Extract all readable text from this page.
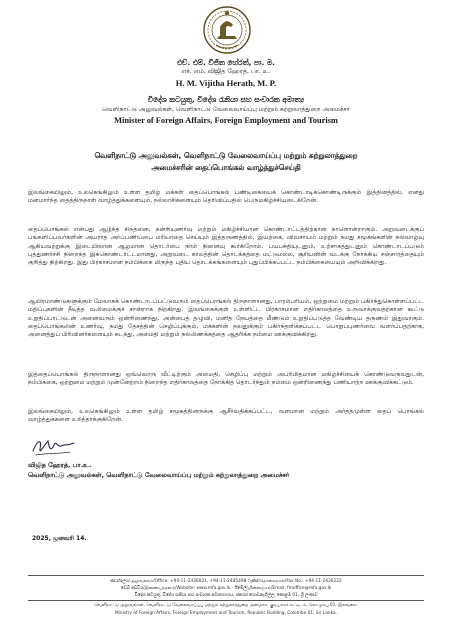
එච්. එම්. විජිත හේරත්, පා. ම.
எச். எம். விஜித ஹேரத், பா. உ.
H. M. Vijitha Herath, M. P.
විදේශ කටයුතු, විදේශ රැකියා සහ සංචාරක අමාත්‍ය
வெளிநாட்டு அலுவல்கள், வெளிநாட்டு வேலைவாய்ப்பு மற்றும் சுற்றுலாத்துறை அமைச்சர்
Minister of Foreign Affairs, Foreign Employment and Tourism
வெளிநாட்டு அலுவல்கள், வெளிநாட்டு வேலைவாய்ப்பு மற்றும் சுற்றுலாத்துறை
அமைச்சரின் தைப்பொங்கல் வாழ்த்துச்செய்தி
இலங்கையிலும், உலகெங்கிலும் உள்ள தமிழ் மக்கள் தைப்பொங்கல் பண்டிகையைக் கொண்டாடிக்கொண்டிருக்கும் இத்தினத்தில், எனது மனமார்ந்த தைத்திருநாள் வாழ்த்துக்களையும், நல்லாசிகளையும் தெரிவிப்பதில் பெருமகிழ்ச்சியடைகிறேன்.
தைப்பொங்கல் என்பது ஆழ்ந்த சிந்தனை, நன்றியுணர்வு மற்றும் மகிழ்ச்சியான கொண்டாட்டத்திற்கான நாளொன்றாகும். அறுவடைக்குப் பங்களிப்பவர்களின் அயராத அர்ப்பணிப்பை மரியாதை செய்யும் இத்தருணத்தில், இயற்கை, விவசாயம் மற்றும் நமது சமூகங்களின் நல்வாழ்வு ஆகியவற்றுக்கு இடையிலான ஆழமான தொடர்பை நாம் நினைவு கூர்கிறோம். பயபக்தியுடனும், உற்சாகத்துடனும் கொண்டாடப்படும் புத்துணர்ச்சி நிறைந்த இக்கொண்டாட்டமானது, அறுவடை காலத்தின் தொடக்கத்தை மட்டுமல்ல, சூரியனின் வடக்கு நோக்கிய சஞ்சாரத்தையும் குறித்து நிற்கிறது. இது பிரகாசமான நம்பிக்கை மிகுந்த புதிய தொடக்கங்களையும் புதுப்பிக்கப்பட்ட நம்பிக்கையையும் அறிவிக்கிறது.
ஆயிரமாண்டுகளுக்கும் மேலாகக் கொண்டாடப்பட்டுவரும் தைப்பொங்கல் திருநாளானது, பாரம்பரியம், ஒற்றுமை மற்றும் பகிர்ந்துகொள்ளப்பட்ட மதிப்புகளின் நீடித்த வலிமைக்குச் சான்றாக நிற்கிறது. இலங்கைக்குள் உள்ளிட்ட பிரகாசமான எதிர்காலத்தை உருவாக்குவதற்கான கூட்டு உறுதிப்பாட்டுடன் அனைவரும் ஒன்றிணைந்து, அன்பைத் தழுவி, மனித நேயத்தை மீண்டும் உறுதிப்படுத்த வேண்டிய தருணம் இதுவாகும். தைப்பொங்கலின் உணர்வு, நமது தேசத்தின் செழிப்புக்கும், மக்களின் நலனுக்கும் பகிர்ந்தளிக்கப்பட்ட பொறுப்புணர்வை வளர்ப்பதற்காக, அனைத்துப் பிரிவினர்களையும் கடந்து, அமைதி மற்றும் நல்லிணக்கத்தை ஆதரிக்க நம்மை ஊக்குவிக்கிறது.
இத்தைப்பொங்கல் திருநாளானது ஒவ்வொரு வீட்டிற்கும் அமைதி, செழிப்பு மற்றும் அபரிமிதமான மகிழ்ச்சியைக் கொண்டுவருவதுடன், நம்பிக்கை, ஒற்றுமை மற்றும் முன்னேற்றம் நிறைந்த எதிர்காலத்தை நோக்கித் தொடர்ந்தும் நம்மை ஒன்றிணைந்து பணியாற்ற ஊக்குவிக்கட்டும்.
இலங்கையிலும், உலகெங்கிலும் உள்ள தமிழ் சமூகத்தினருக்கு ஆசீர்வதிக்கப்பட்ட, வளமான மற்றும் அர்த்தமுள்ள தைப் பொங்கல் வாழ்த்துக்களை உரித்தாக்குகிறேன்.
விஜித ஹேரத், பா.உ.
வெளிநாட்டு அலுவல்கள், வெளிநாட்டு வேலைவாய்ப்பு மற்றும் சுற்றுலாத்துறை அமைச்சர்
2025, ஜனவரி 14.
කාර්යාලය/அலுவலகம்/Office: +94-11-2430021, +94-11-2445498 ෆැක්ස්/தொலைநகல்/Fax No.: +94-11-2430222
වෙබ් අඩවිය/இணையத்தளம்/Website: www.mfa.gov.lk - ඊමේල්/மின்னஞ்சல்/Email: fmoffice@mfa.gov.lk
විදේශ කටයුතු, විදේශ රැකියා සහ සංචාරක අමාත්‍යාංශය, ජනරජ ගොඩනැගිල්ල, කොළඹ 01, ශ්‍රී ලංකාව
வெளிநாட்டு அலுவல்கள், வெளிநாட்டு வேலைவாய்ப்பு மற்றும் சுற்றுலாத்துறை அமைச்சு, குடியரசுக் கட்டிடம், கொழும்பு 01, இலங்கை.
Ministry of Foreign Affairs, Foreign Employment and Tourism, Republic Building, Colombo 01, Sri Lanka.
